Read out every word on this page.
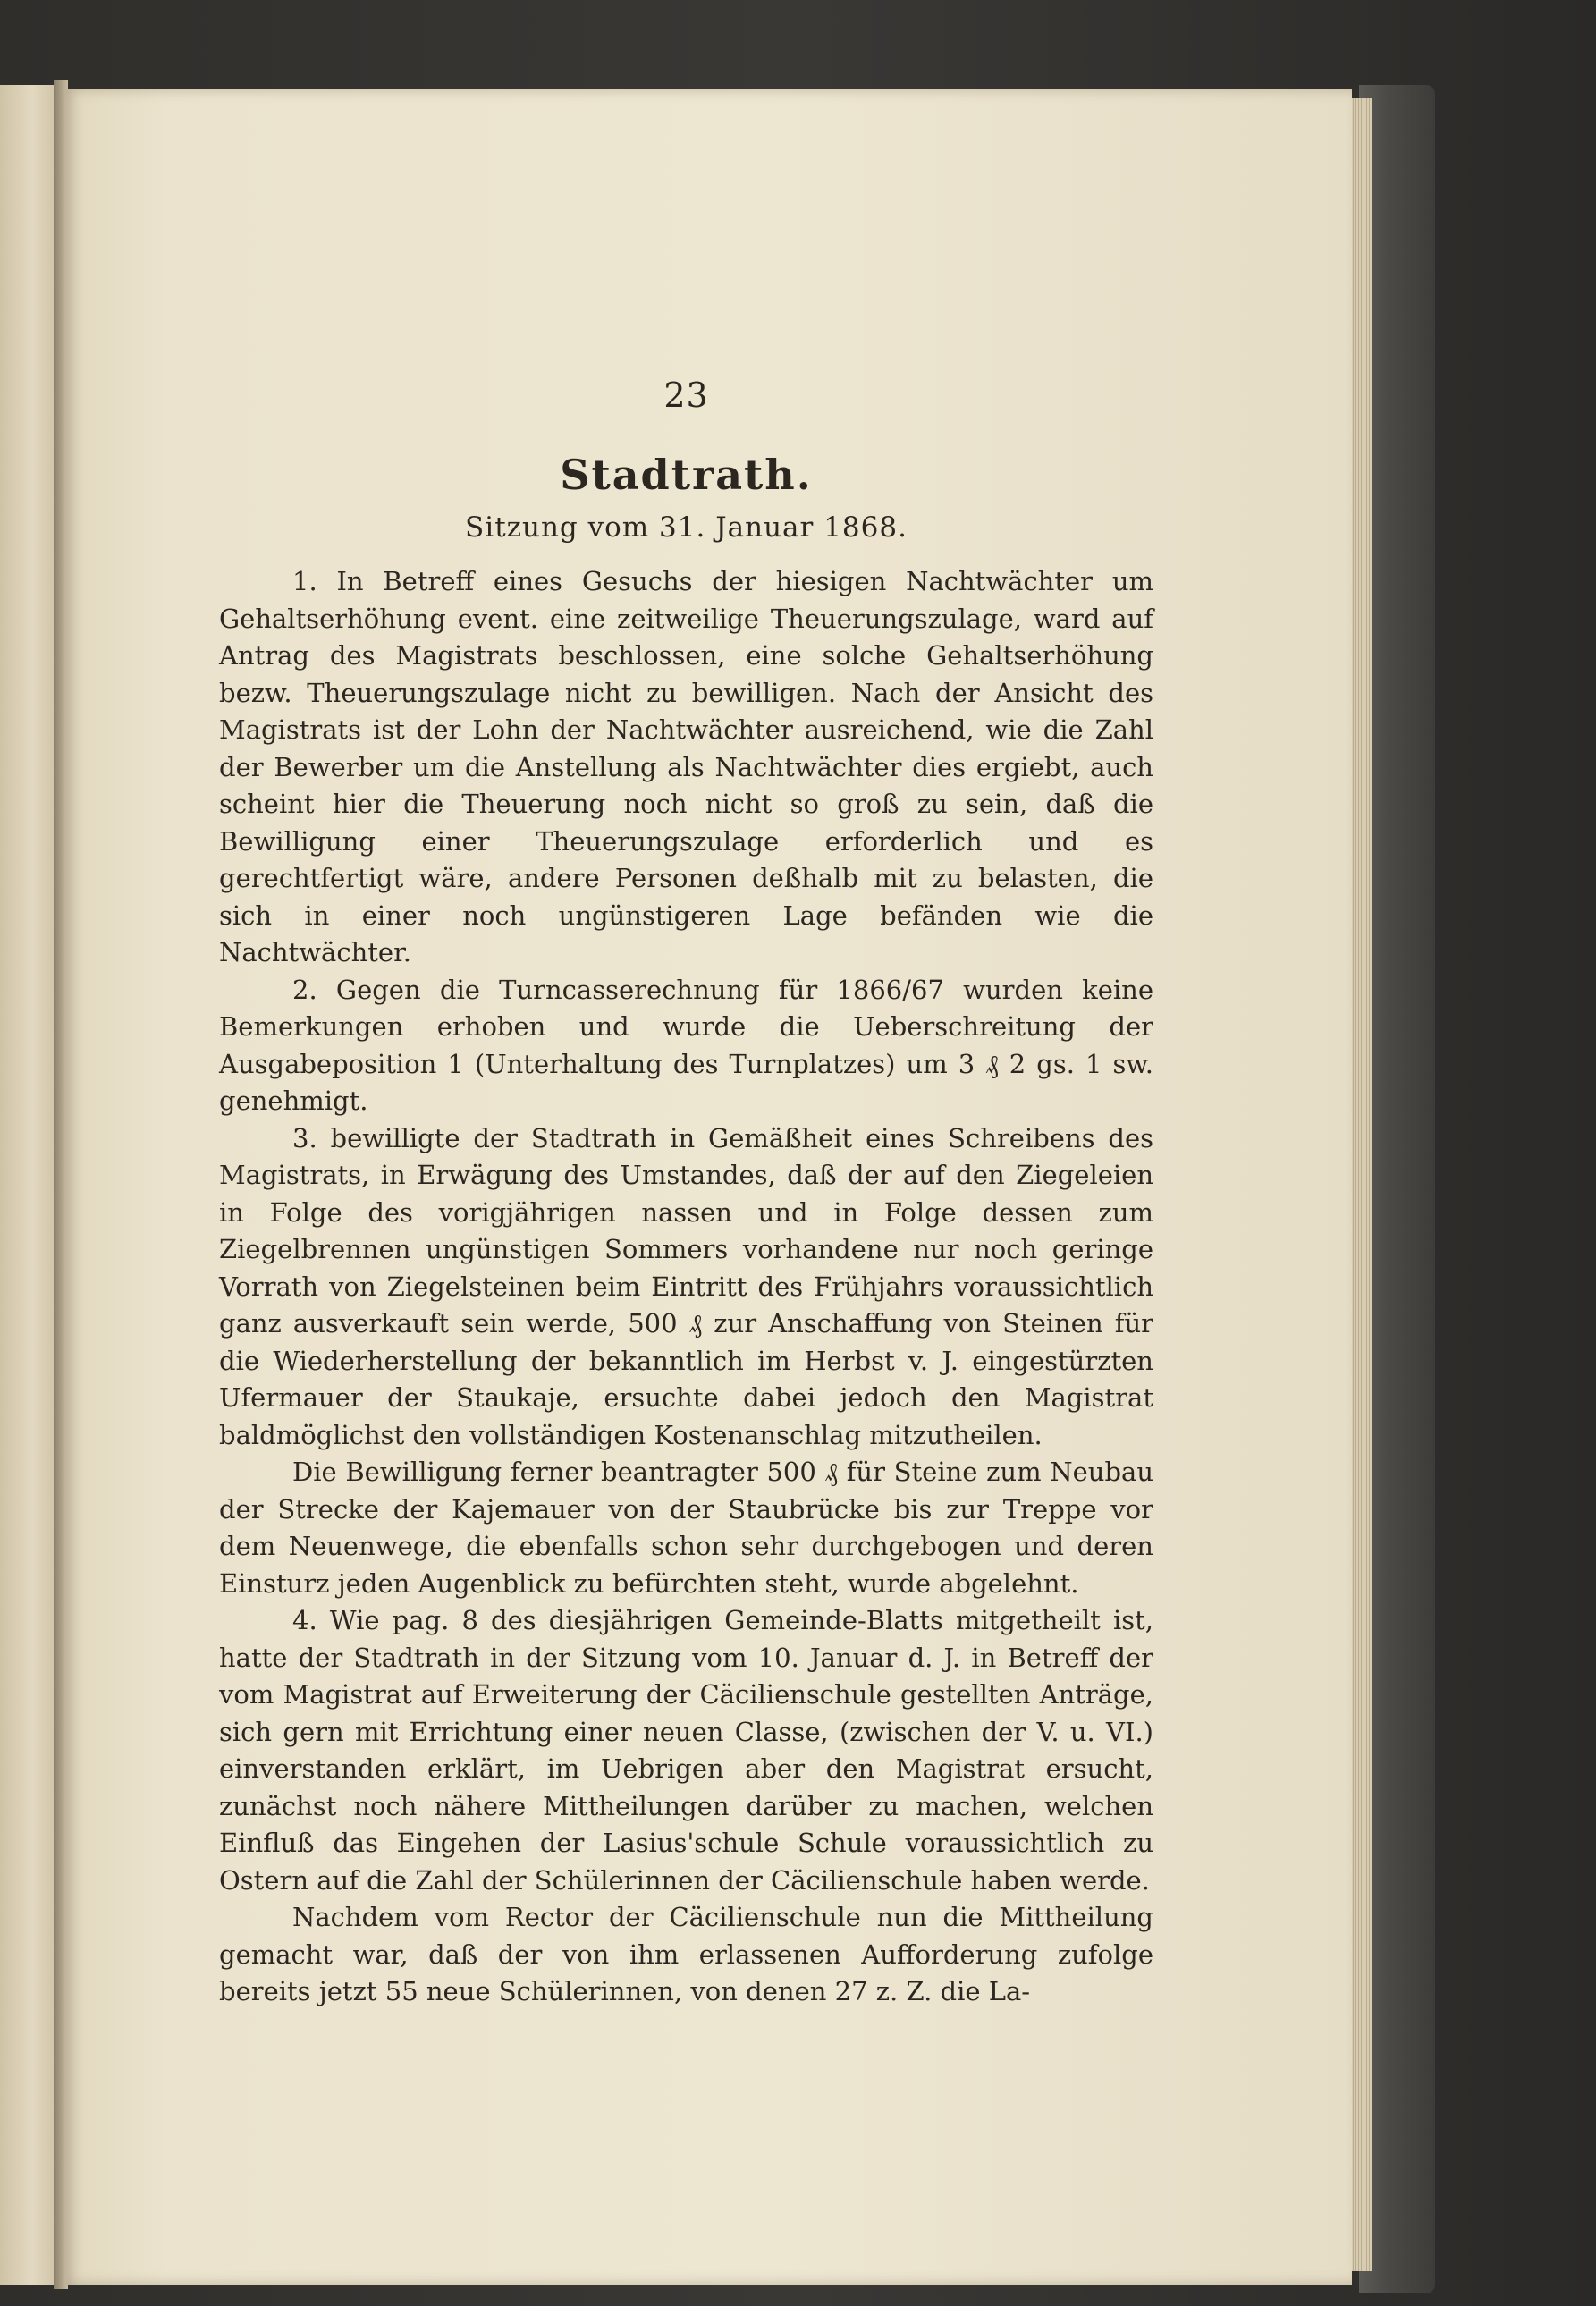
23
Stadtrath.
Sitzung vom 31. Januar 1868.

1. In Betreff eines Gesuchs der hiesigen Nachtwächter um Gehaltserhöhung event. eine zeitweilige Theuerungszulage, ward auf Antrag des Magistrats beschlossen, eine solche Gehaltserhöhung bezw. Theuerungszulage nicht zu bewilligen. Nach der Ansicht des Magistrats ist der Lohn der Nachtwächter ausreichend, wie die Zahl der Bewerber um die Anstellung als Nachtwächter dies ergiebt, auch scheint hier die Theuerung noch nicht so groß zu sein, daß die Bewilligung einer Theuerungszulage erforderlich und es gerechtfertigt wäre, andere Personen deßhalb mit zu belasten, die sich in einer noch ungünstigeren Lage befänden wie die Nachtwächter.

2. Gegen die Turncasserechnung für 1866/67 wurden keine Bemerkungen erhoben und wurde die Ueberschreitung der Ausgabeposition 1 (Unterhaltung des Turnplatzes) um 3 ₰ 2 gs. 1 sw. genehmigt.

3. bewilligte der Stadtrath in Gemäßheit eines Schreibens des Magistrats, in Erwägung des Umstandes, daß der auf den Ziegeleien in Folge des vorigjährigen nassen und in Folge dessen zum Ziegelbrennen ungünstigen Sommers vorhandene nur noch geringe Vorrath von Ziegelsteinen beim Eintritt des Frühjahrs voraussichtlich ganz ausverkauft sein werde, 500 ₰ zur Anschaffung von Steinen für die Wiederherstellung der bekanntlich im Herbst v. J. eingestürzten Ufermauer der Staukaje, ersuchte dabei jedoch den Magistrat baldmöglichst den vollständigen Kostenanschlag mitzutheilen.

Die Bewilligung ferner beantragter 500 ₰ für Steine zum Neubau der Strecke der Kajemauer von der Staubrücke bis zur Treppe vor dem Neuenwege, die ebenfalls schon sehr durchgebogen und deren Einsturz jeden Augenblick zu befürchten steht, wurde abgelehnt.

4. Wie pag. 8 des diesjährigen Gemeinde-Blatts mitgetheilt ist, hatte der Stadtrath in der Sitzung vom 10. Januar d. J. in Betreff der vom Magistrat auf Erweiterung der Cäcilienschule gestellten Anträge, sich gern mit Errichtung einer neuen Classe, (zwischen der V. u. VI.) einverstanden erklärt, im Uebrigen aber den Magistrat ersucht, zunächst noch nähere Mittheilungen darüber zu machen, welchen Einfluß das Eingehen der Lasius'schule Schule voraussichtlich zu Ostern auf die Zahl der Schülerinnen der Cäcilienschule haben werde.

Nachdem vom Rector der Cäcilienschule nun die Mittheilung gemacht war, daß der von ihm erlassenen Aufforderung zufolge bereits jetzt 55 neue Schülerinnen, von denen 27 z. Z. die La-
